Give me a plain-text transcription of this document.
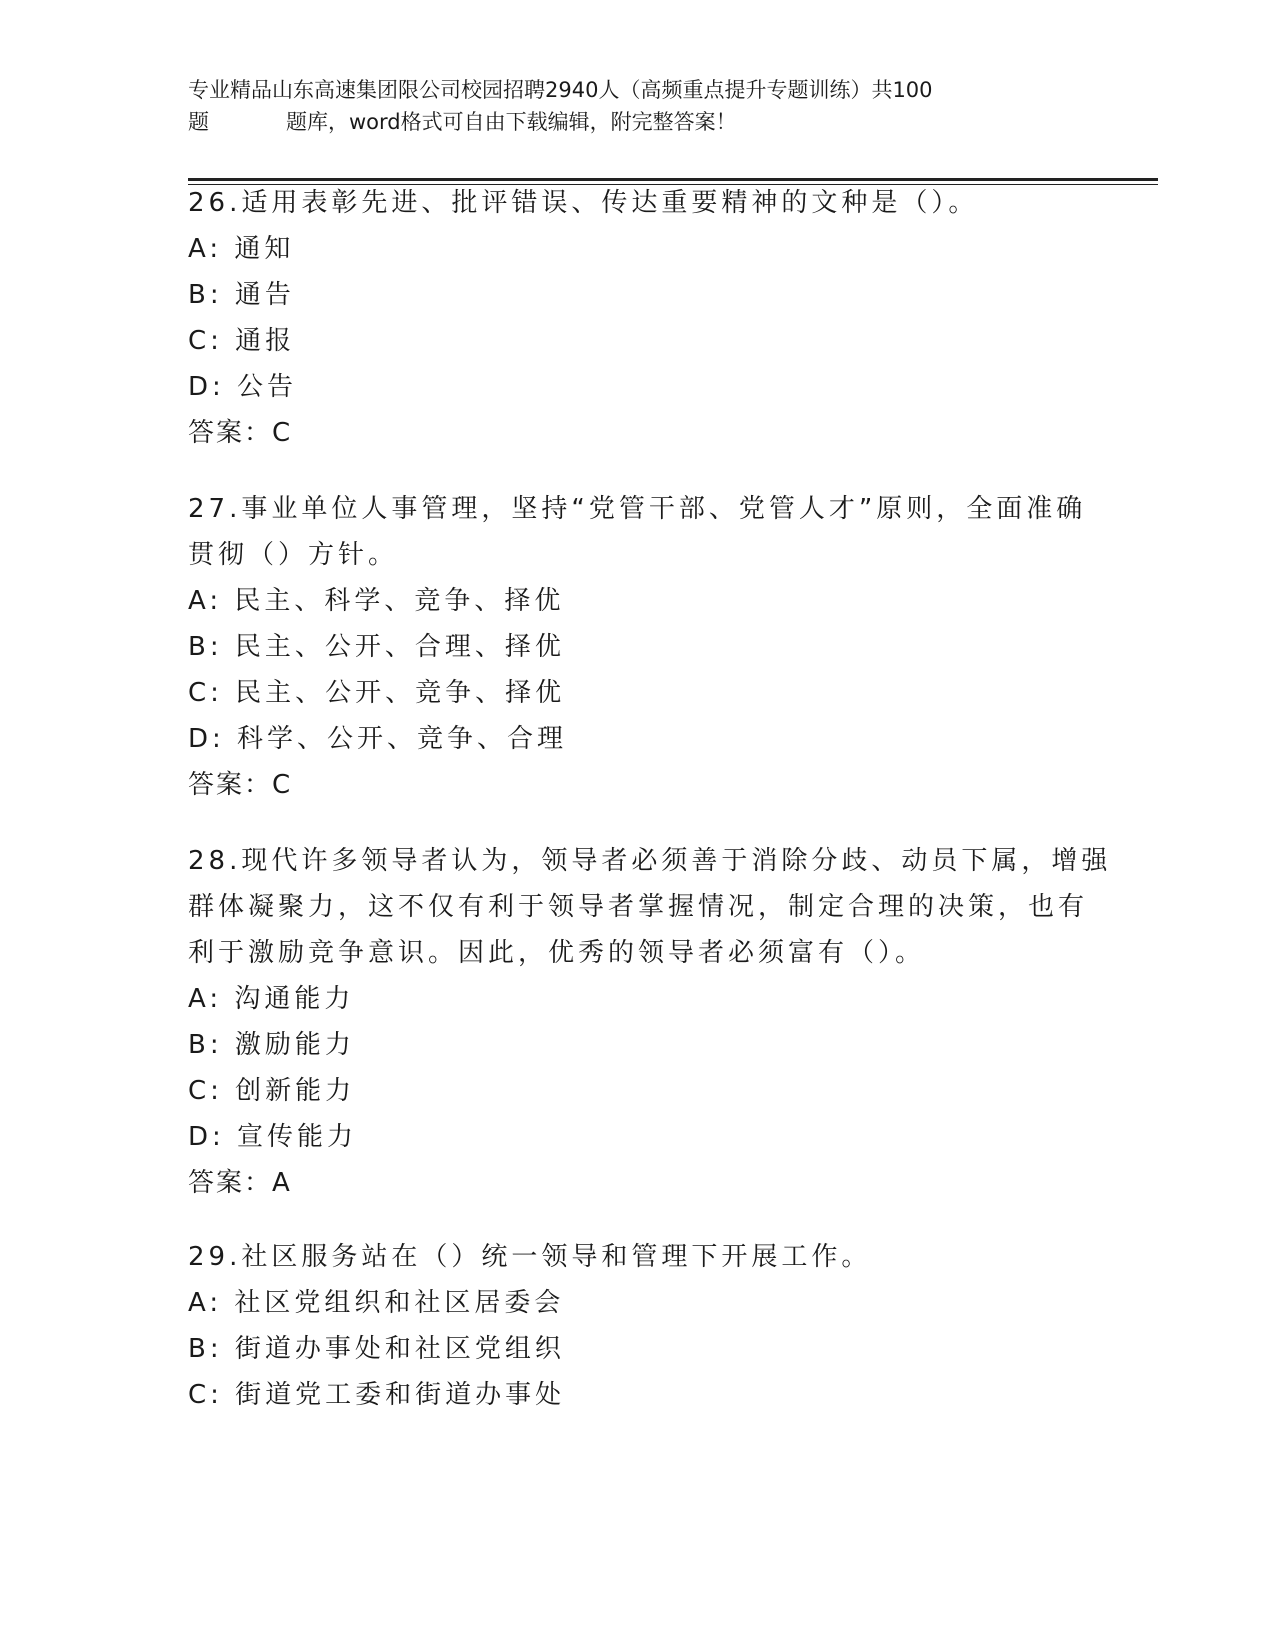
专业精品山东高速集团限公司校园招聘2940人（高频重点提升专题训练）共100
题	题库，word格式可自由下载编辑，附完整答案！
26.适用表彰先进、批评错误、传达重要精神的文种是（）。
A: 通知
B: 通告
C: 通报
D: 公告
答案：C
27.事业单位人事管理，坚持“党管干部、党管人才”原则，全面准确
贯彻（）方针。
A: 民主、科学、竞争、择优
B: 民主、公开、合理、择优
C: 民主、公开、竞争、择优
D: 科学、公开、竞争、合理
答案：C
28.现代许多领导者认为，领导者必须善于消除分歧、动员下属，增强
群体凝聚力，这不仅有利于领导者掌握情况，制定合理的决策，也有
利于激励竞争意识。因此，优秀的领导者必须富有（）。
A: 沟通能力
B: 激励能力
C: 创新能力
D: 宣传能力
答案：A
29.社区服务站在（）统一领导和管理下开展工作。
A: 社区党组织和社区居委会
B: 街道办事处和社区党组织
C: 街道党工委和街道办事处
